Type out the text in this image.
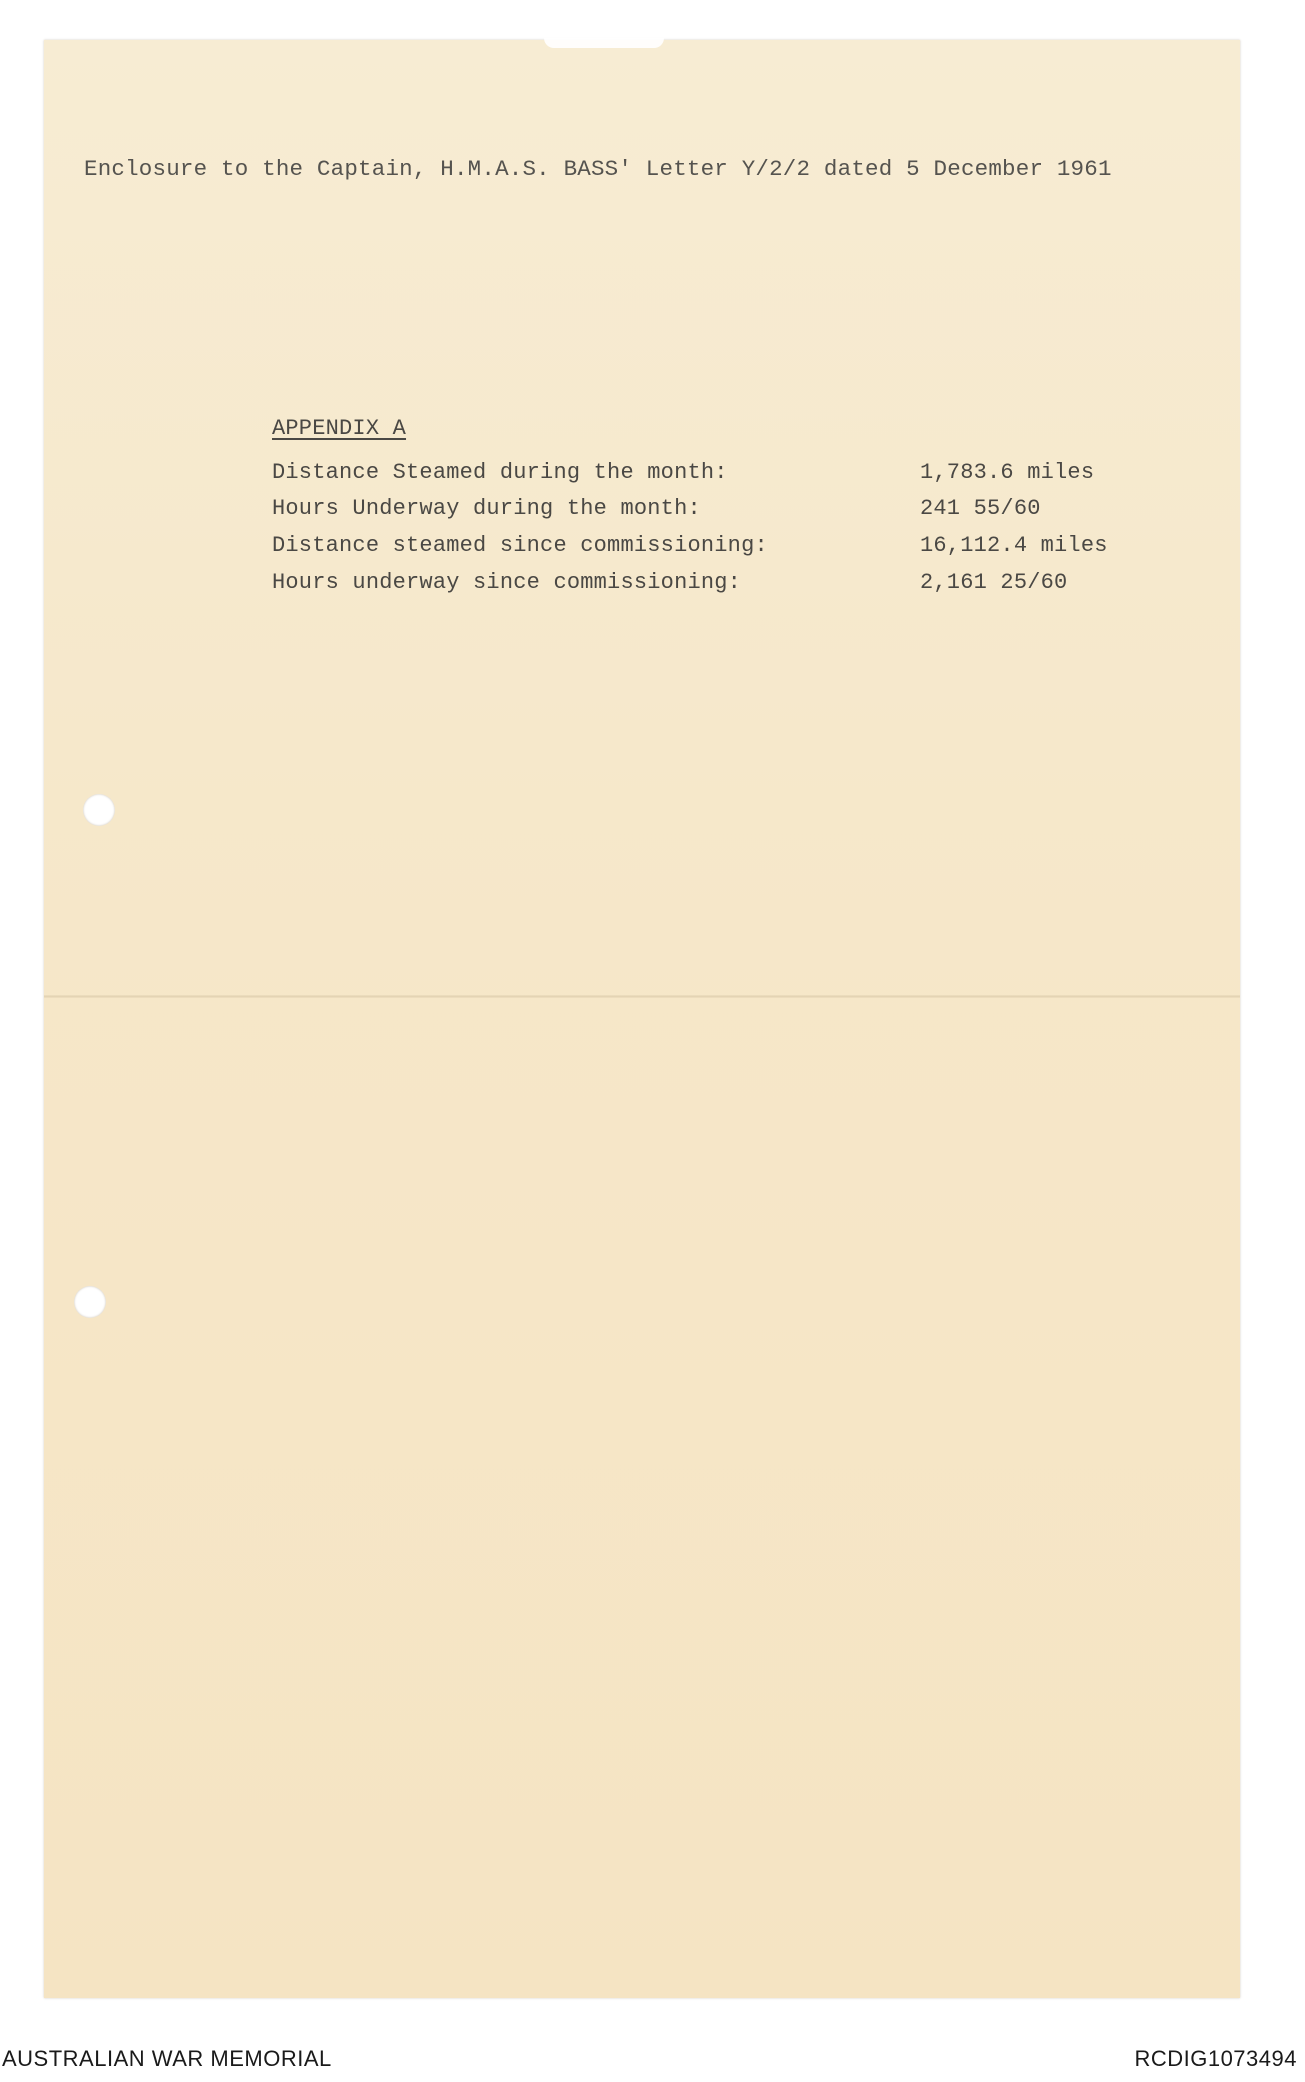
Enclosure to the Captain, H.M.A.S. BASS' Letter Y/2/2 dated 5 December 1961
APPENDIX A
Distance Steamed during the month:	1,783.6 miles
Hours Underway during the month:	241 55/60
Distance steamed since commissioning:	16,112.4 miles
Hours underway since commissioning:	2,161 25/60
AUSTRALIAN WAR MEMORIAL	RCDIG1073494
